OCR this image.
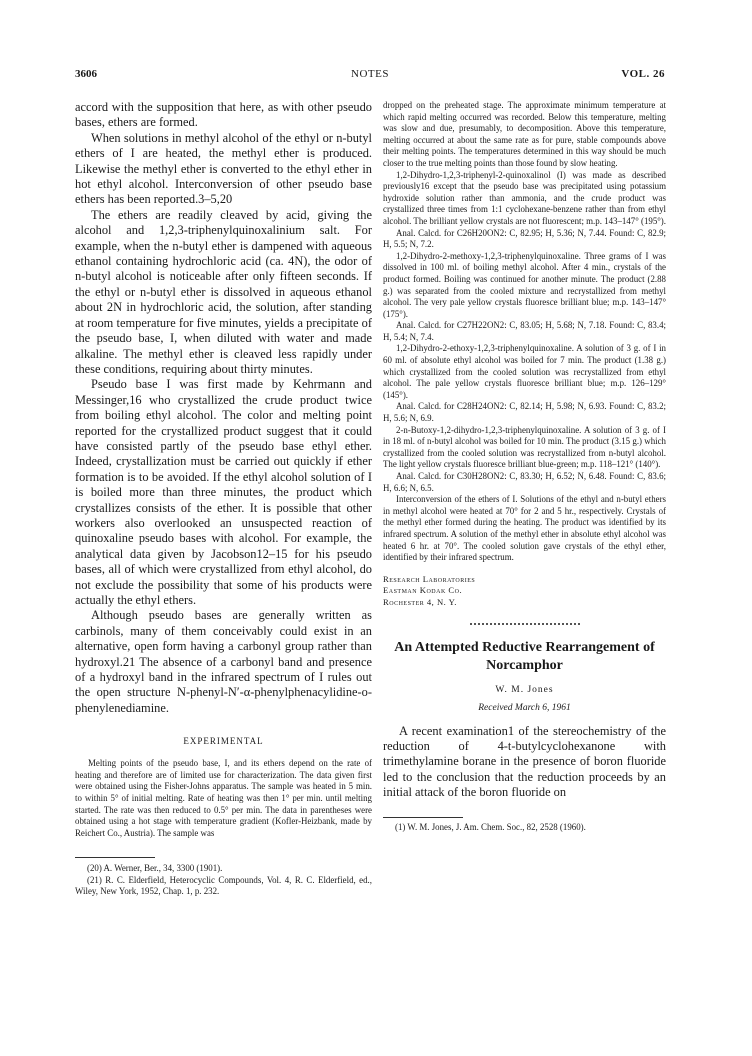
3606	NOTES	VOL. 26

accord with the supposition that here, as with other pseudo bases, ethers are formed.

When solutions in methyl alcohol of the ethyl or n-butyl ethers of I are heated, the methyl ether is produced. Likewise the methyl ether is converted to the ethyl ether in hot ethyl alcohol. Interconversion of other pseudo base ethers has been reported.3–5,20

The ethers are readily cleaved by acid, giving the alcohol and 1,2,3-triphenylquinoxalinium salt. For example, when the n-butyl ether is dampened with aqueous ethanol containing hydrochloric acid (ca. 4N), the odor of n-butyl alcohol is noticeable after only fifteen seconds. If the ethyl or n-butyl ether is dissolved in aqueous ethanol about 2N in hydrochloric acid, the solution, after standing at room temperature for five minutes, yields a precipitate of the pseudo base, I, when diluted with water and made alkaline. The methyl ether is cleaved less rapidly under these conditions, requiring about thirty minutes.

Pseudo base I was first made by Kehrmann and Messinger,16 who crystallized the crude product twice from boiling ethyl alcohol. The color and melting point reported for the crystallized product suggest that it could have consisted partly of the pseudo base ethyl ether. Indeed, crystallization must be carried out quickly if ether formation is to be avoided. If the ethyl alcohol solution of I is boiled more than three minutes, the product which crystallizes consists of the ether. It is possible that other workers also overlooked an unsuspected reaction of quinoxaline pseudo bases with alcohol. For example, the analytical data given by Jacobson12–15 for his pseudo bases, all of which were crystallized from ethyl alcohol, do not exclude the possibility that some of his products were actually the ethyl ethers.

Although pseudo bases are generally written as carbinols, many of them conceivably could exist in an alternative, open form having a carbonyl group rather than hydroxyl.21 The absence of a carbonyl band and presence of a hydroxyl band in the infrared spectrum of I rules out the open structure N-phenyl-N′-α-phenylphenacylidine-o-phenylenediamine.

EXPERIMENTAL

Melting points of the pseudo base, I, and its ethers depend on the rate of heating and therefore are of limited use for characterization. The data given first were obtained using the Fisher-Johns apparatus. The sample was heated in 5 min. to within 5° of initial melting. Rate of heating was then 1° per min. until melting started. The rate was then reduced to 0.5° per min. The data in parentheses were obtained using a hot stage with temperature gradient (Kofler-Heizbank, made by Reichert Co., Austria). The sample was

(20) A. Werner, Ber., 34, 3300 (1901).

(21) R. C. Elderfield, Heterocyclic Compounds, Vol. 4, R. C. Elderfield, ed., Wiley, New York, 1952, Chap. 1, p. 232.

dropped on the preheated stage. The approximate minimum temperature at which rapid melting occurred was recorded. Below this temperature, melting was slow and due, presumably, to decomposition. Above this temperature, melting occurred at about the same rate as for pure, stable compounds above their melting points. The temperatures determined in this way should be much closer to the true melting points than those found by slow heating.

1,2-Dihydro-1,2,3-triphenyl-2-quinoxalinol (I) was made as described previously16 except that the pseudo base was precipitated using potassium hydroxide solution rather than ammonia, and the crude product was crystallized three times from 1:1 cyclohexane-benzene rather than from ethyl alcohol. The brilliant yellow crystals are not fluorescent; m.p. 143–147° (195°).

Anal. Calcd. for C26H20ON2: C, 82.95; H, 5.36; N, 7.44. Found: C, 82.9; H, 5.5; N, 7.2.

1,2-Dihydro-2-methoxy-1,2,3-triphenylquinoxaline. Three grams of I was dissolved in 100 ml. of boiling methyl alcohol. After 4 min., crystals of the product formed. Boiling was continued for another minute. The product (2.88 g.) was separated from the cooled mixture and recrystallized from methyl alcohol. The very pale yellow crystals fluoresce brilliant blue; m.p. 143–147° (175°).

Anal. Calcd. for C27H22ON2: C, 83.05; H, 5.68; N, 7.18. Found: C, 83.4; H, 5.4; N, 7.4.

1,2-Dihydro-2-ethoxy-1,2,3-triphenylquinoxaline. A solution of 3 g. of I in 60 ml. of absolute ethyl alcohol was boiled for 7 min. The product (1.38 g.) which crystallized from the cooled solution was recrystallized from ethyl alcohol. The pale yellow crystals fluoresce brilliant blue; m.p. 126–129° (145°).

Anal. Calcd. for C28H24ON2: C, 82.14; H, 5.98; N, 6.93. Found: C, 83.2; H, 5.6; N, 6.9.

2-n-Butoxy-1,2-dihydro-1,2,3-triphenylquinoxaline. A solution of 3 g. of I in 18 ml. of n-butyl alcohol was boiled for 10 min. The product (3.15 g.) which crystallized from the cooled solution was recrystallized from n-butyl alcohol. The light yellow crystals fluoresce brilliant blue-green; m.p. 118–121° (140°).

Anal. Calcd. for C30H28ON2: C, 83.30; H, 6.52; N, 6.48. Found: C, 83.6; H, 6.6; N, 6.5.

Interconversion of the ethers of I. Solutions of the ethyl and n-butyl ethers in methyl alcohol were heated at 70° for 2 and 5 hr., respectively. Crystals of the methyl ether formed during the heating. The product was identified by its infrared spectrum. A solution of the methyl ether in absolute ethyl alcohol was heated 6 hr. at 70°. The cooled solution gave crystals of the ethyl ether, identified by their infrared spectrum.

Research Laboratories
Eastman Kodak Co.
Rochester 4, N. Y.
An Attempted Reductive Rearrangement of Norcamphor
W. M. Jones
Received March 6, 1961

A recent examination1 of the stereochemistry of the reduction of 4-t-butylcyclohexanone with trimethylamine borane in the presence of boron fluoride led to the conclusion that the reduction proceeds by an initial attack of the boron fluoride on

(1) W. M. Jones, J. Am. Chem. Soc., 82, 2528 (1960).
